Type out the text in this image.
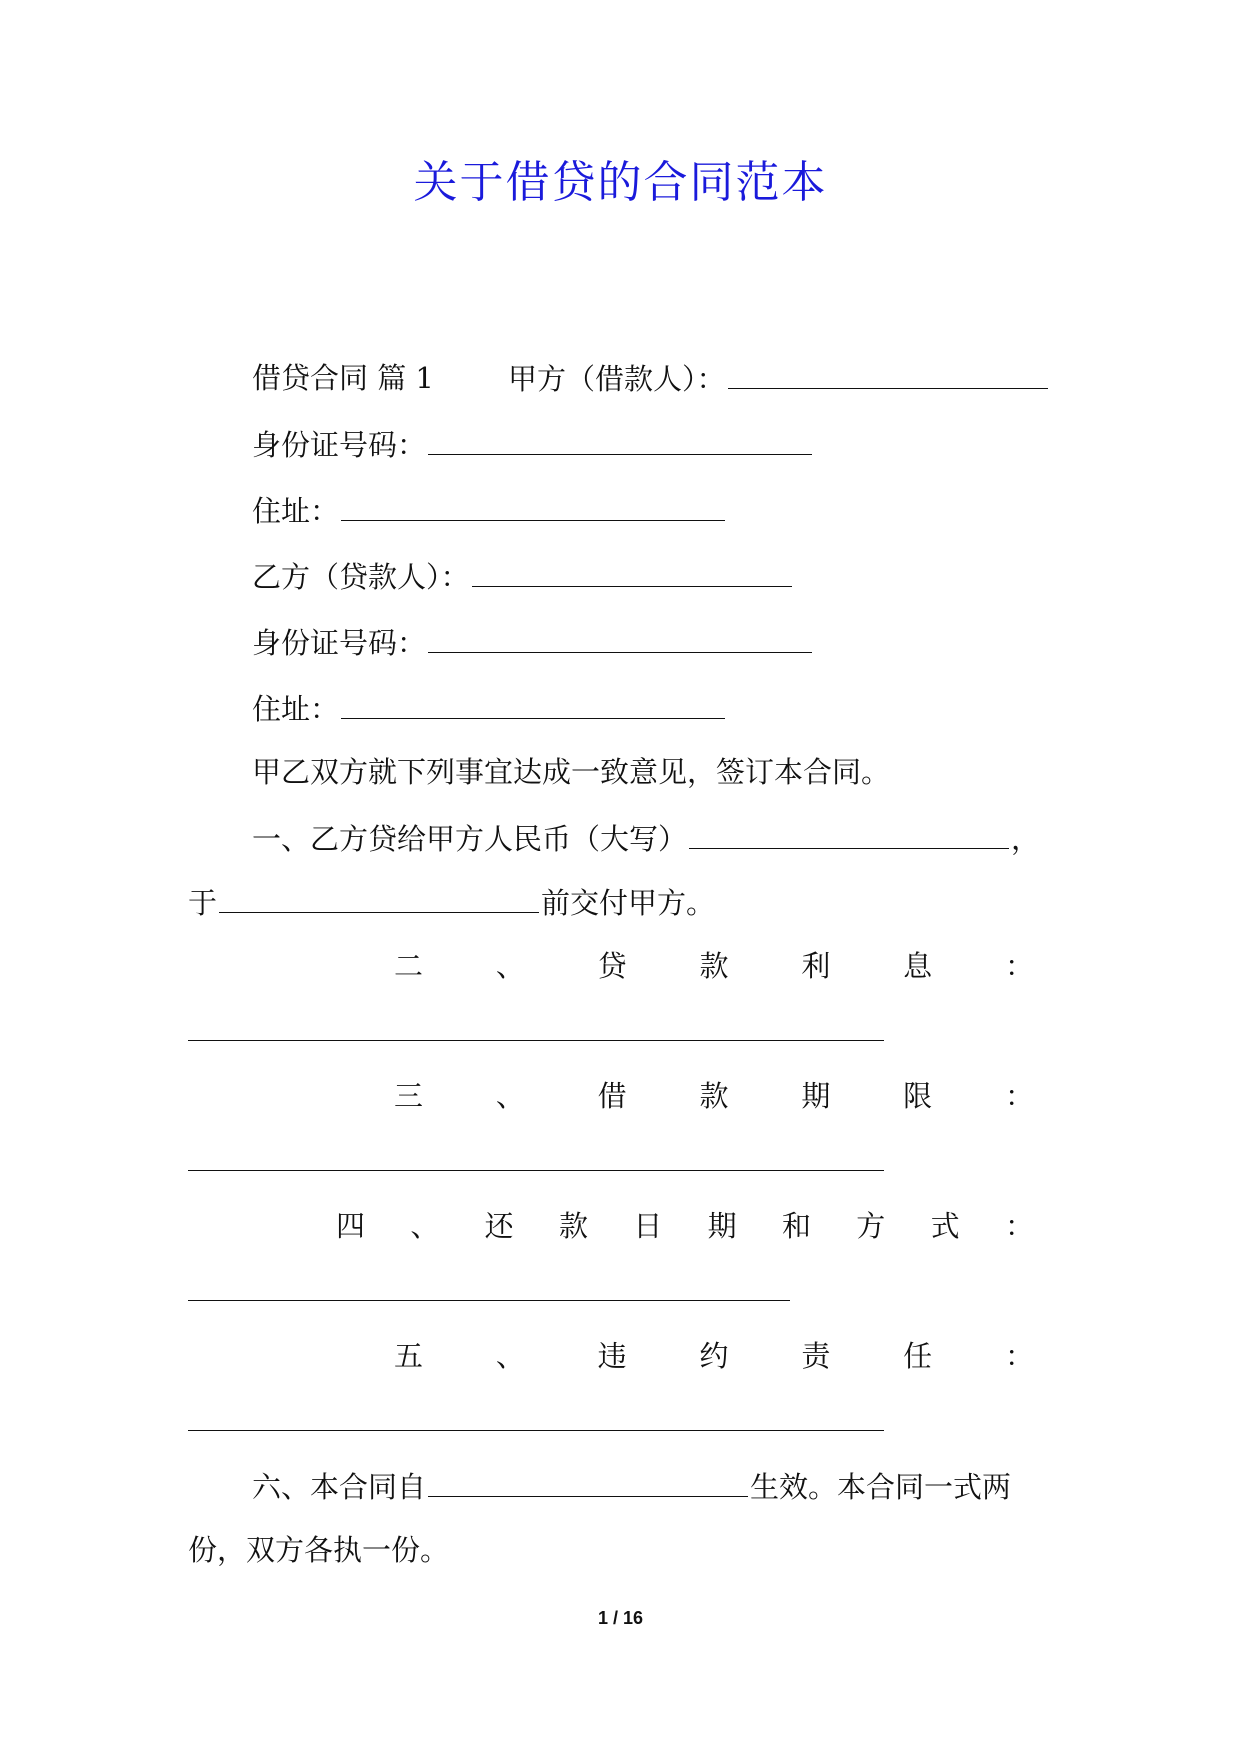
关于借贷的合同范本
借贷合同 篇 1	甲方（借款人）：
身份证号码：
住址：
乙方（贷款人）：
身份证号码：
住址：
甲乙双方就下列事宜达成一致意见，签订本合同。
一、乙方贷给甲方人民币（大写）	，
于	前交付甲方。
二	、	贷	款	利	息	：
三	、	借	款	期	限	：
四 、 还 款 日 期 和 方 式 ：
五	、	违	约	责	任	：
六、本合同自	生效。本合同一式两
份，双方各执一份。
1 / 16
